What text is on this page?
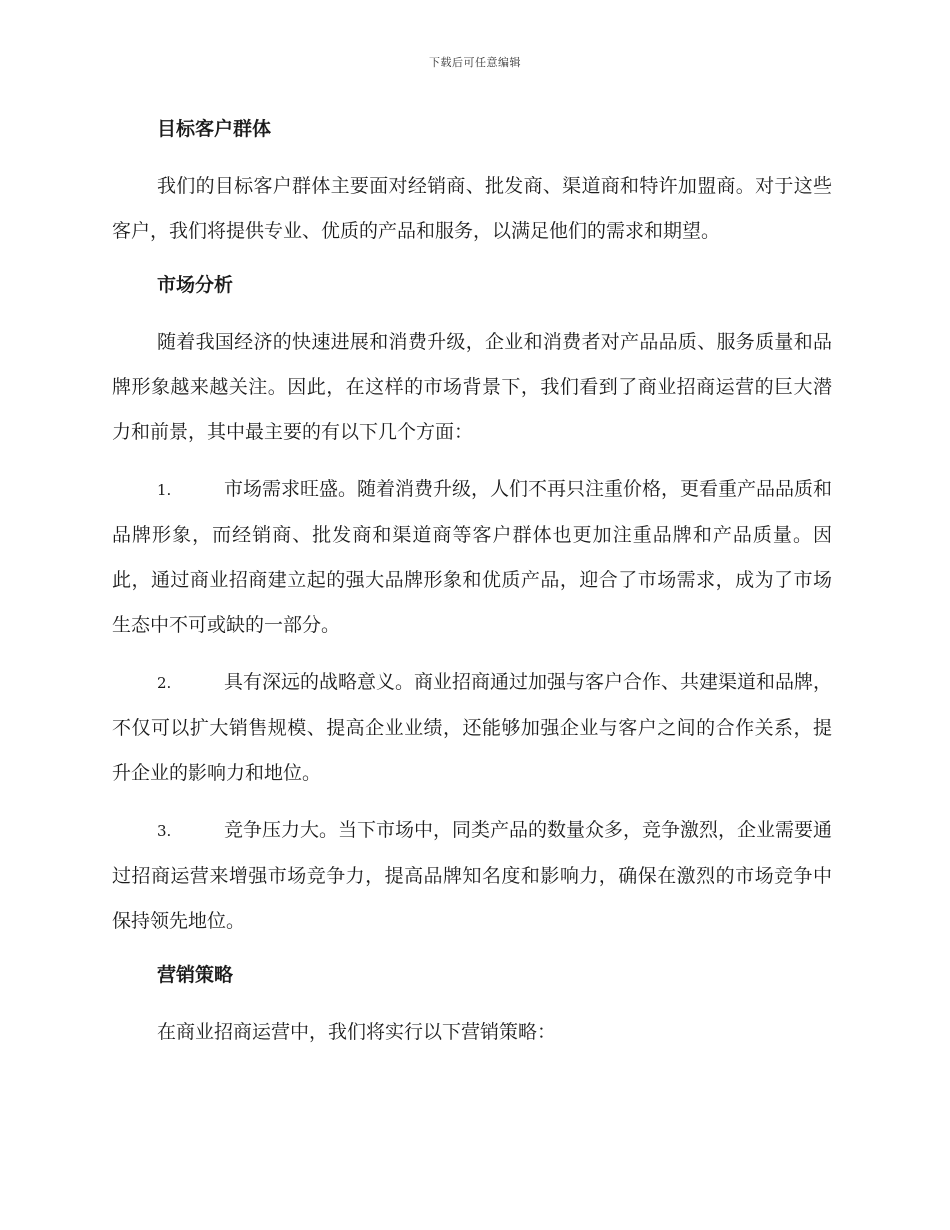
下载后可任意编辑
目标客户群体

我们的目标客户群体主要面对经销商、批发商、渠道商和特许加盟商。对于这些客户，我们将提供专业、优质的产品和服务，以满足他们的需求和期望。

市场分析

随着我国经济的快速进展和消费升级，企业和消费者对产品品质、服务质量和品牌形象越来越关注。因此，在这样的市场背景下，我们看到了商业招商运营的巨大潜力和前景，其中最主要的有以下几个方面：

1.	市场需求旺盛。随着消费升级，人们不再只注重价格，更看重产品品质和品牌形象，而经销商、批发商和渠道商等客户群体也更加注重品牌和产品质量。因此，通过商业招商建立起的强大品牌形象和优质产品，迎合了市场需求，成为了市场生态中不可或缺的一部分。

2.	具有深远的战略意义。商业招商通过加强与客户合作、共建渠道和品牌，不仅可以扩大销售规模、提高企业业绩，还能够加强企业与客户之间的合作关系，提升企业的影响力和地位。

3.	竞争压力大。当下市场中，同类产品的数量众多，竞争激烈，企业需要通过招商运营来增强市场竞争力，提高品牌知名度和影响力，确保在激烈的市场竞争中保持领先地位。

营销策略

在商业招商运营中，我们将实行以下营销策略：
